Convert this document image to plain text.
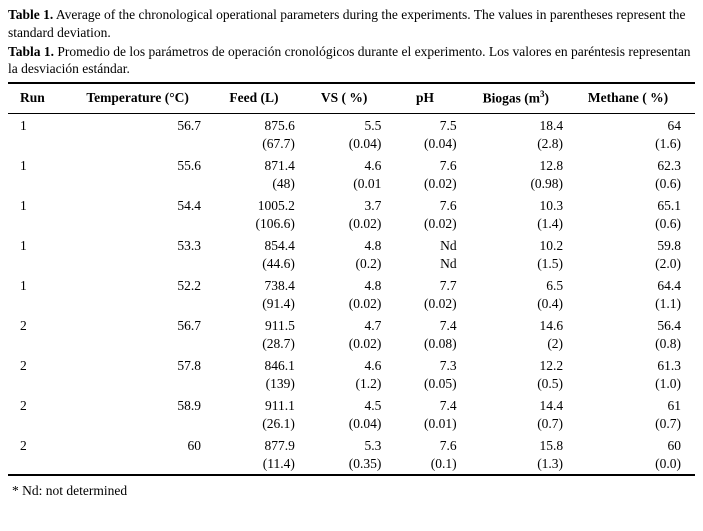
Table 1. Average of the chronological operational parameters during the experiments. The values in parentheses represent the standard deviation.

Tabla 1. Promedio de los parámetros de operación cronológicos durante el experimento. Los valores en paréntesis representan la desviación estándar.

Run	Temperature (°C)	Feed (L)	VS ( %)	pH	Biogas $(m^3)$	Methane ( %)
1	56.7	875.6	5.5	7.5	18.4	64
		(67.7)	(0.04)	(0.04)	(2.8)	(1.6)
1	55.6	871.4	4.6	7.6	12.8	62.3
		(48)	(0.01	(0.02)	(0.98)	(0.6)
1	54.4	1005.2	3.7	7.6	10.3	65.1
		(106.6)	(0.02)	(0.02)	(1.4)	(0.6)
1	53.3	854.4	4.8	Nd	10.2	59.8
		(44.6)	(0.2)	Nd	(1.5)	(2.0)
1	52.2	738.4	4.8	7.7	6.5	64.4
		(91.4)	(0.02)	(0.02)	(0.4)	(1.1)
2	56.7	911.5	4.7	7.4	14.6	56.4
		(28.7)	(0.02)	(0.08)	(2)	(0.8)
2	57.8	846.1	4.6	7.3	12.2	61.3
		(139)	(1.2)	(0.05)	(0.5)	(1.0)
2	58.9	911.1	4.5	7.4	14.4	61
		(26.1)	(0.04)	(0.01)	(0.7)	(0.7)
2	60	877.9	5.3	7.6	15.8	60
		(11.4)	(0.35)	(0.1)	(1.3)	(0.0)

* Nd: not determined
